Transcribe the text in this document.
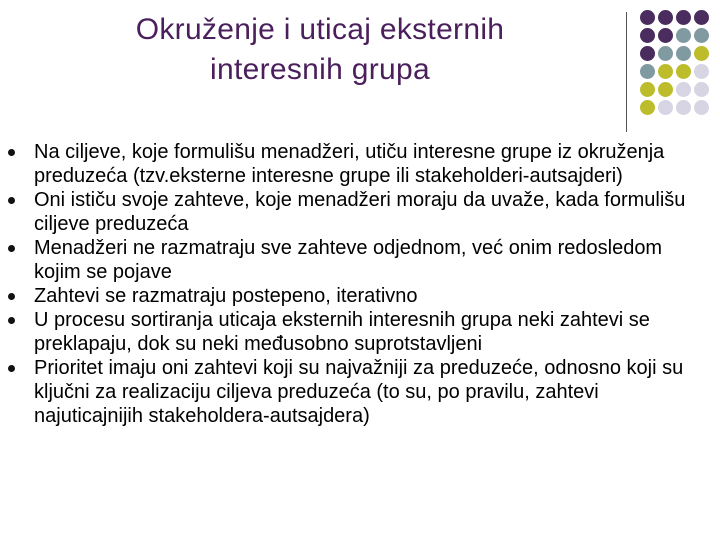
Okruženje i uticaj eksternih
interesnih grupa
Na ciljeve, koje formulišu menadžeri, utiču interesne grupe iz okruženja preduzeća (tzv.eksterne interesne grupe ili stakeholderi-autsajderi)
Oni ističu svoje zahteve, koje menadžeri moraju da uvaže, kada formulišu ciljeve preduzeća
Menadžeri ne razmatraju sve zahteve odjednom, već onim redosledom kojim se pojave
Zahtevi se razmatraju postepeno, iterativno
U procesu sortiranja uticaja eksternih interesnih grupa neki zahtevi se preklapaju, dok su neki međusobno suprotstavljeni
Prioritet imaju oni zahtevi koji su najvažniji za preduzeće, odnosno koji su ključni za realizaciju ciljeva preduzeća (to su, po pravilu, zahtevi najuticajnijih stakeholdera-autsajdera)
